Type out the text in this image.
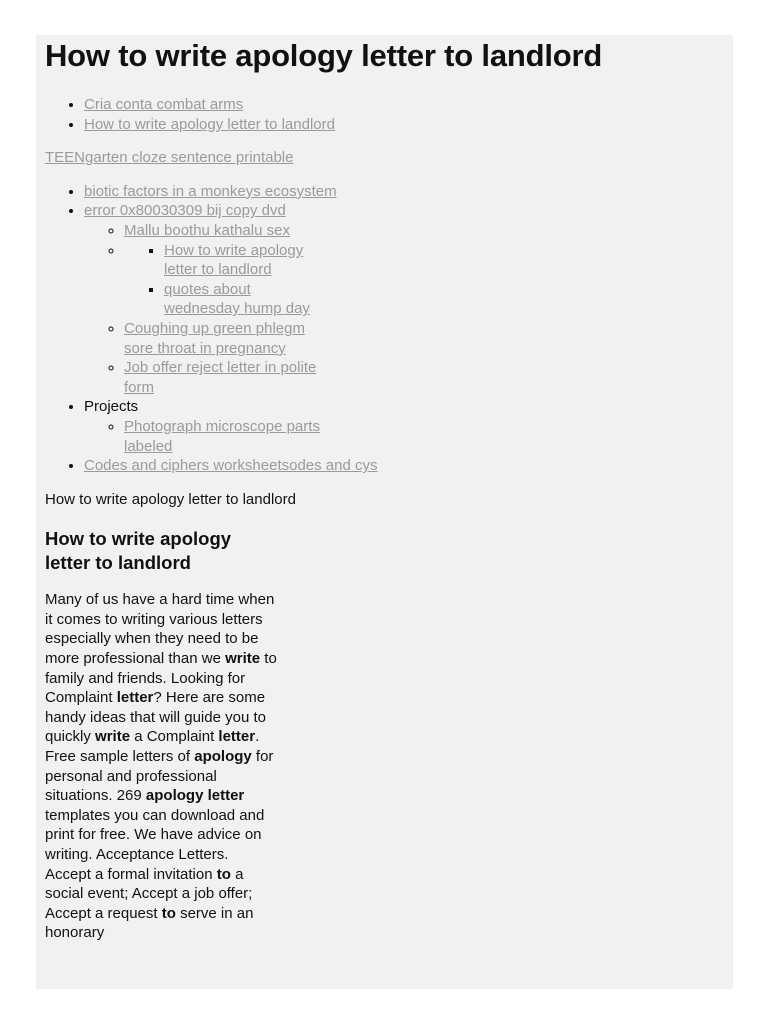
How to write apology letter to landlord
• Cria conta combat arms
• How to write apology letter to landlord
TEENgarten cloze sentence printable
• biotic factors in a monkeys ecosystem
• error 0x80030309 bij copy dvd
◦ Mallu boothu kathalu sex
▪ ◦ How to write apology letter to landlord
▪ quotes about wednesday hump day
◦ Coughing up green phlegm sore throat in pregnancy
◦ Job offer reject letter in polite form
• Projects
◦ Photograph microscope parts labeled
• Codes and ciphers worksheetsodes and cys
How to write apology letter to landlord
How to write apology letter to landlord
Many of us have a hard time when it comes to writing various letters especially when they need to be more professional than we write to family and friends. Looking for Complaint letter? Here are some handy ideas that will guide you to quickly write a Complaint letter. Free sample letters of apology for personal and professional situations. 269 apology letter templates you can download and print for free. We have advice on writing. Acceptance Letters. Accept a formal invitation to a social event; Accept a job offer; Accept a request to serve in an honorary
